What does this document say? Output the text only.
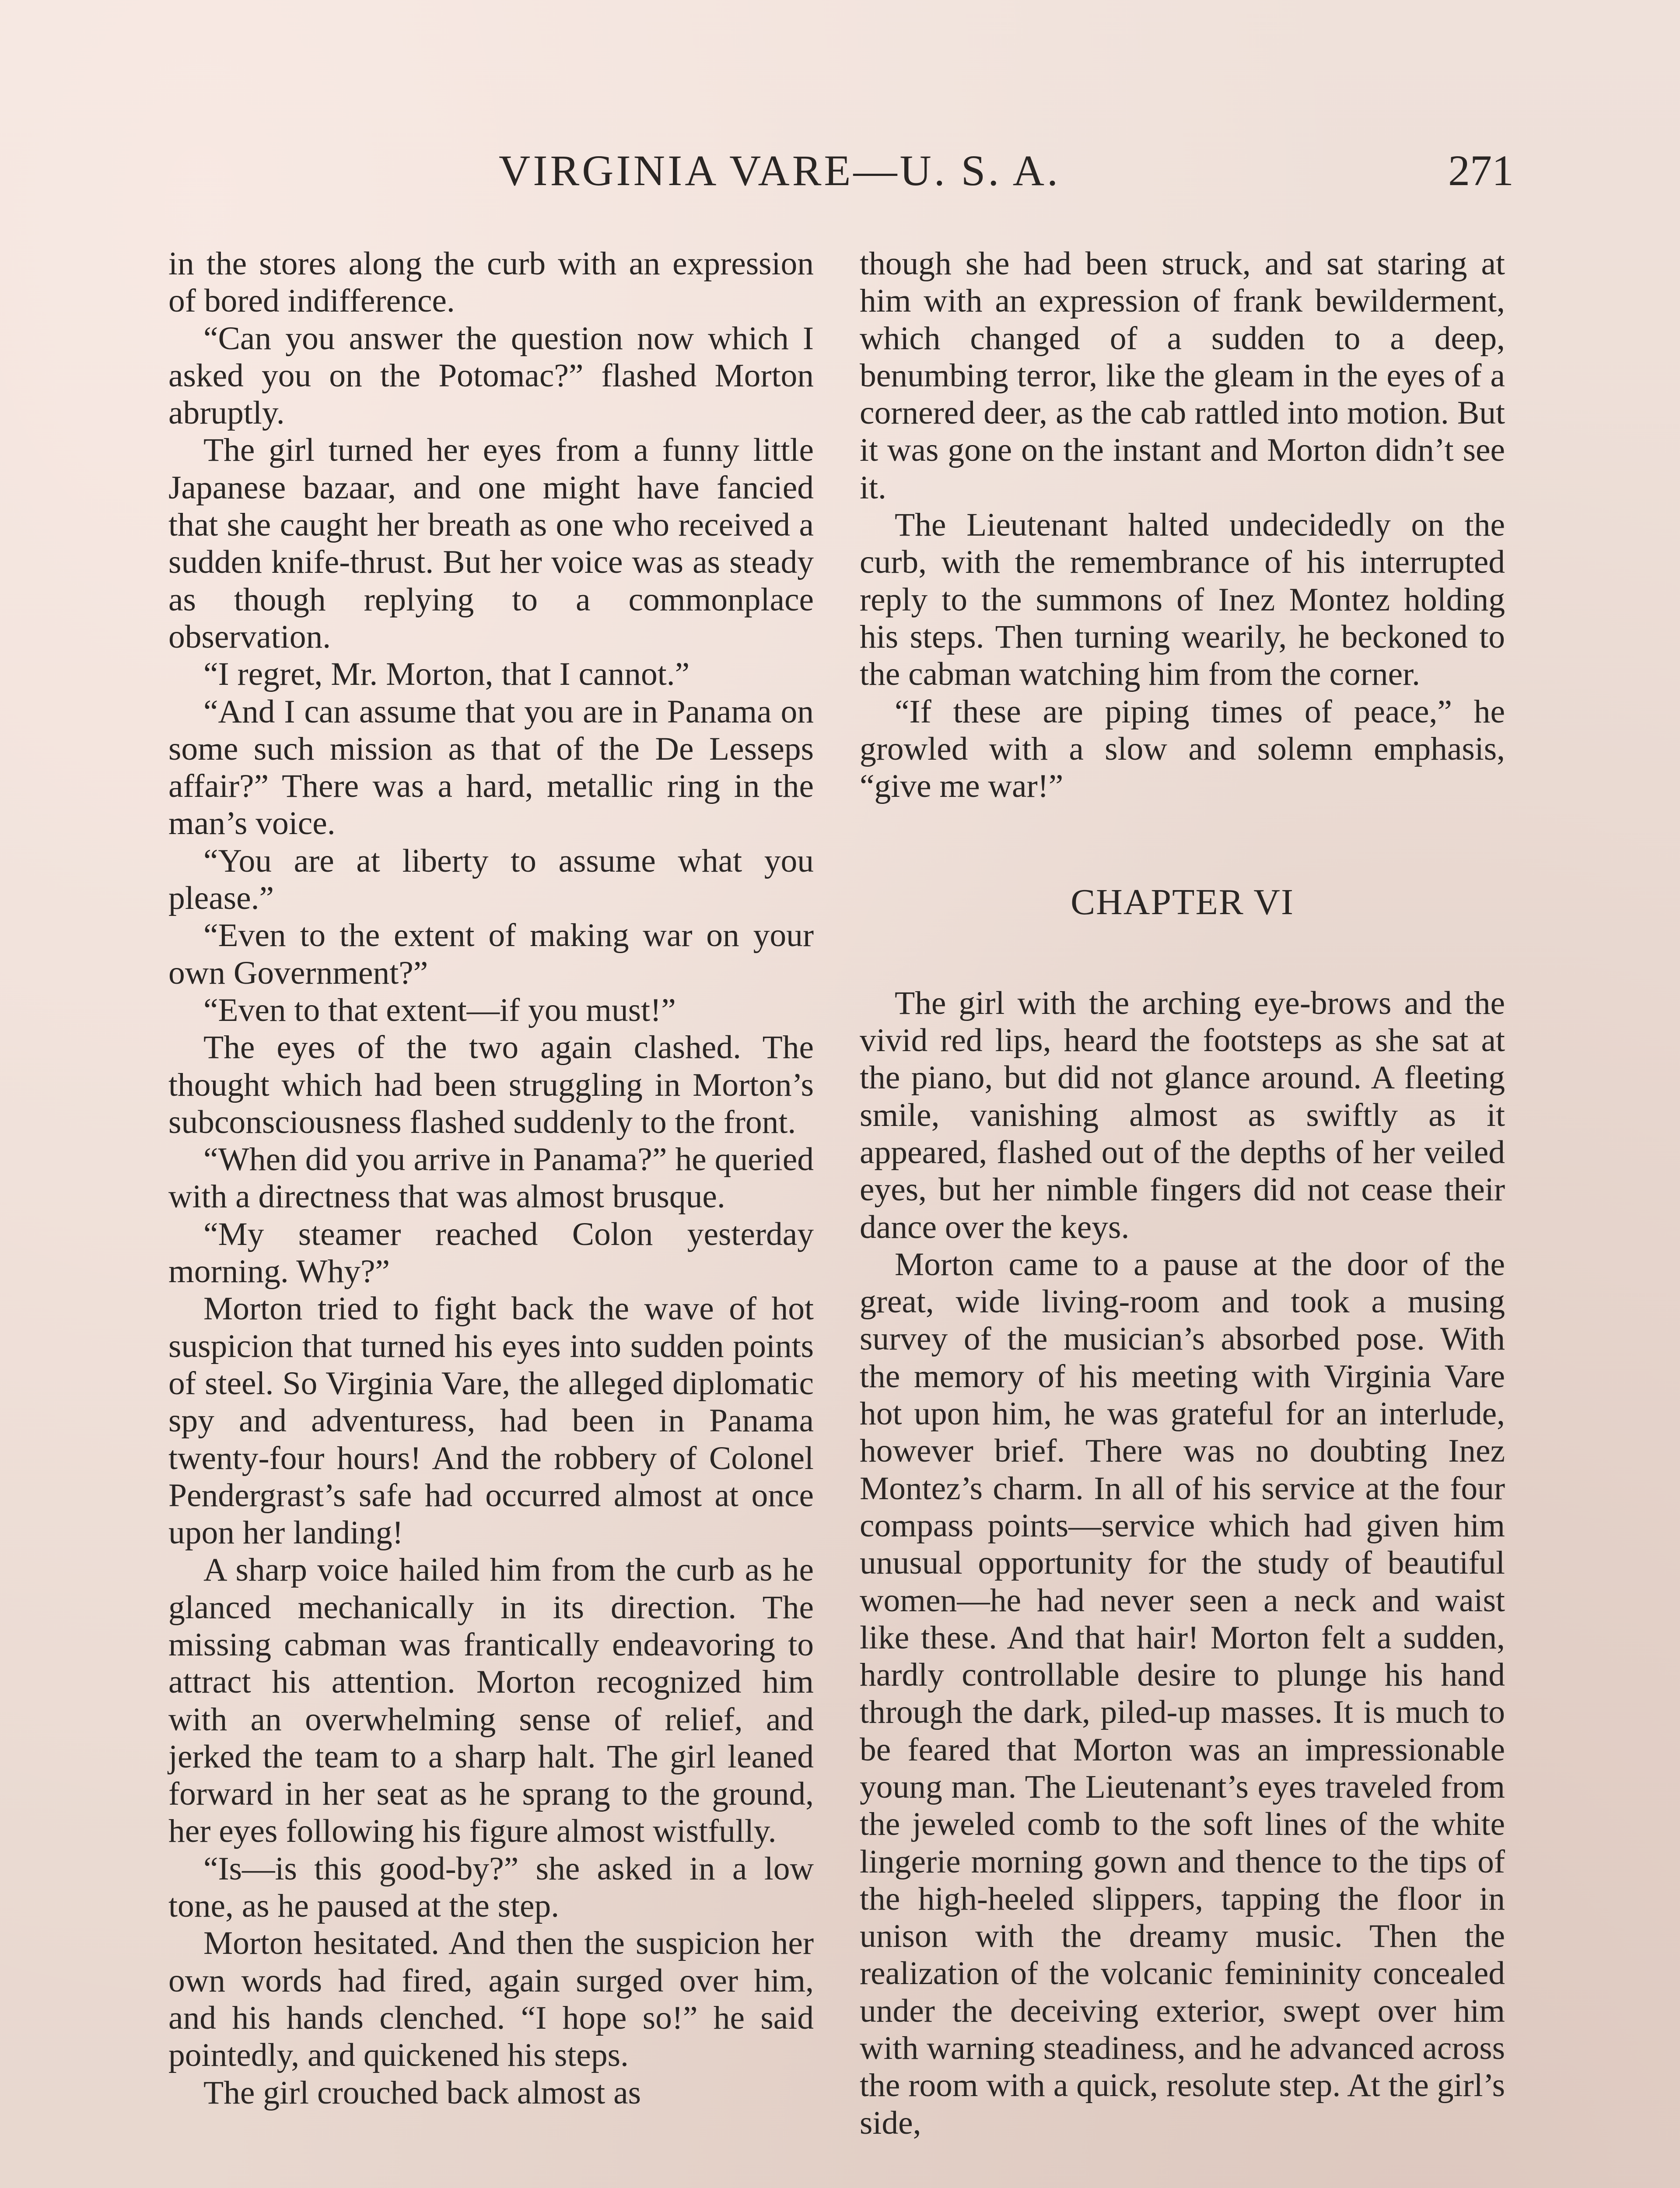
VIRGINIA VARE—U. S. A.	271

in the stores along the curb with an expression of bored indifference.

“Can you answer the question now which I asked you on the Potomac?” flashed Morton abruptly.

The girl turned her eyes from a funny little Japanese bazaar, and one might have fancied that she caught her breath as one who received a sudden knife-thrust. But her voice was as steady as though replying to a commonplace observation.

“I regret, Mr. Morton, that I cannot.”

“And I can assume that you are in Panama on some such mission as that of the De Lesseps affair?” There was a hard, metallic ring in the man’s voice.

“You are at liberty to assume what you please.”

“Even to the extent of making war on your own Government?”

“Even to that extent—if you must!”

The eyes of the two again clashed. The thought which had been struggling in Morton’s subconsciousness flashed suddenly to the front.

“When did you arrive in Panama?” he queried with a directness that was almost brusque.

“My steamer reached Colon yesterday morning. Why?”

Morton tried to fight back the wave of hot suspicion that turned his eyes into sudden points of steel. So Virginia Vare, the alleged diplomatic spy and adventuress, had been in Panama twenty-four hours! And the robbery of Colonel Pendergrast’s safe had occurred almost at once upon her landing!

A sharp voice hailed him from the curb as he glanced mechanically in its direction. The missing cabman was frantically endeavoring to attract his attention. Morton recognized him with an overwhelming sense of relief, and jerked the team to a sharp halt. The girl leaned forward in her seat as he sprang to the ground, her eyes following his figure almost wistfully.

“Is—is this good-by?” she asked in a low tone, as he paused at the step.

Morton hesitated. And then the suspicion her own words had fired, again surged over him, and his hands clenched. “I hope so!” he said pointedly, and quickened his steps.

The girl crouched back almost as

though she had been struck, and sat staring at him with an expression of frank bewilderment, which changed of a sudden to a deep, benumbing terror, like the gleam in the eyes of a cornered deer, as the cab rattled into motion. But it was gone on the instant and Morton didn’t see it.

The Lieutenant halted undecidedly on the curb, with the remembrance of his interrupted reply to the summons of Inez Montez holding his steps. Then turning wearily, he beckoned to the cabman watching him from the corner.

“If these are piping times of peace,” he growled with a slow and solemn emphasis, “give me war!”

CHAPTER VI

The girl with the arching eye-brows and the vivid red lips, heard the footsteps as she sat at the piano, but did not glance around. A fleeting smile, vanishing almost as swiftly as it appeared, flashed out of the depths of her veiled eyes, but her nimble fingers did not cease their dance over the keys.

Morton came to a pause at the door of the great, wide living-room and took a musing survey of the musician’s absorbed pose. With the memory of his meeting with Virginia Vare hot upon him, he was grateful for an interlude, however brief. There was no doubting Inez Montez’s charm. In all of his service at the four compass points—service which had given him unusual opportunity for the study of beautiful women—he had never seen a neck and waist like these. And that hair! Morton felt a sudden, hardly controllable desire to plunge his hand through the dark, piled-up masses. It is much to be feared that Morton was an impressionable young man. The Lieutenant’s eyes traveled from the jeweled comb to the soft lines of the white lingerie morning gown and thence to the tips of the high-heeled slippers, tapping the floor in unison with the dreamy music. Then the realization of the volcanic femininity concealed under the deceiving exterior, swept over him with warning steadiness, and he advanced across the room with a quick, resolute step. At the girl’s side,
